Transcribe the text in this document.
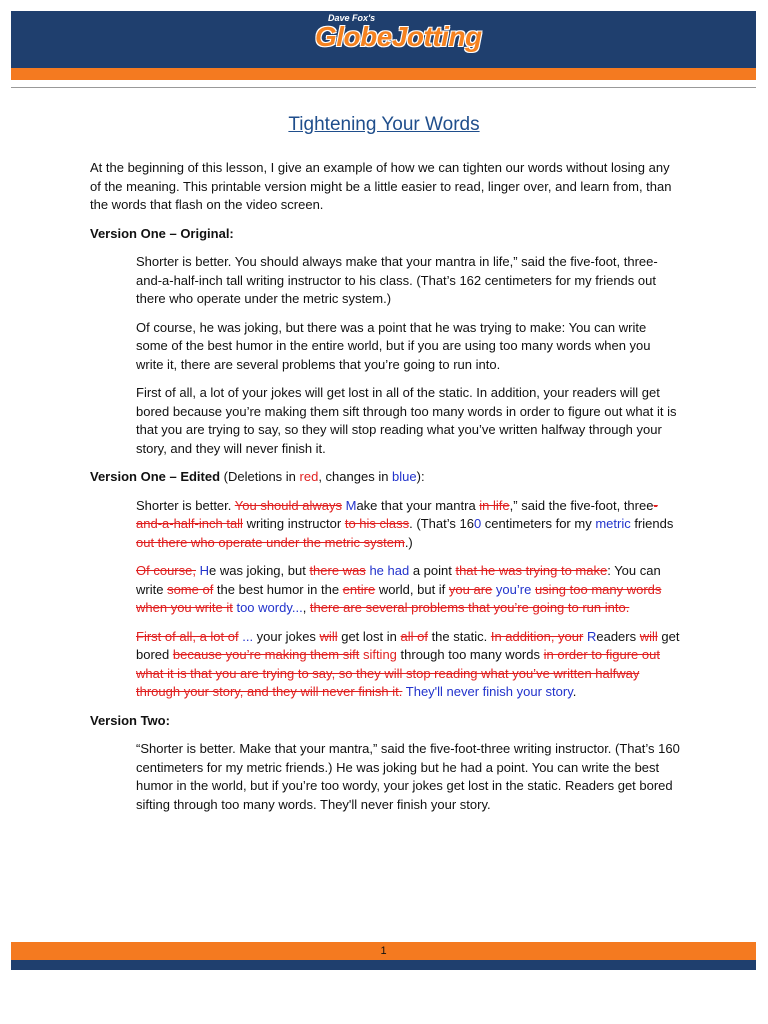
Dave Fox's
GlobeJotting
Tightening Your Words

At the beginning of this lesson, I give an example of how we can tighten our words without losing any of the meaning. This printable version might be a little easier to read, linger over, and learn from, than the words that flash on the video screen.

Version One – Original:

Shorter is better. You should always make that your mantra in life,” said the five-foot, three-and-a-half-inch tall writing instructor to his class. (That’s 162 centimeters for my friends out there who operate under the metric system.)

Of course, he was joking, but there was a point that he was trying to make: You can write some of the best humor in the entire world, but if you are using too many words when you write it, there are several problems that you’re going to run into.

First of all, a lot of your jokes will get lost in all of the static. In addition, your readers will get bored because you’re making them sift through too many words in order to figure out what it is that you are trying to say, so they will stop reading what you’ve written halfway through your story, and they will never finish it.

Version One – Edited (Deletions in red, changes in blue):

Shorter is better. You should always Make that your mantra in life,” said the five-foot, three-and-a-half-inch tall writing instructor to his class. (That’s 160 centimeters for my metric friends out there who operate under the metric system.)

Of course, He was joking, but there was he had a point that he was trying to make: You can write some of the best humor in the entire world, but if you are you’re using too many words when you write it too wordy..., there are several problems that you’re going to run into.

First of all, a lot of ... your jokes will get lost in all of the static. In addition, your Readers will get bored because you’re making them sift sifting through too many words in order to figure out what it is that you are trying to say, so they will stop reading what you’ve written halfway through your story, and they will never finish it. They'll never finish your story.

Version Two:

“Shorter is better. Make that your mantra,” said the five-foot-three writing instructor. (That’s 160 centimeters for my metric friends.) He was joking but he had a point. You can write the best humor in the world, but if you’re too wordy, your jokes get lost in the static. Readers get bored sifting through too many words. They'll never finish your story.

1
